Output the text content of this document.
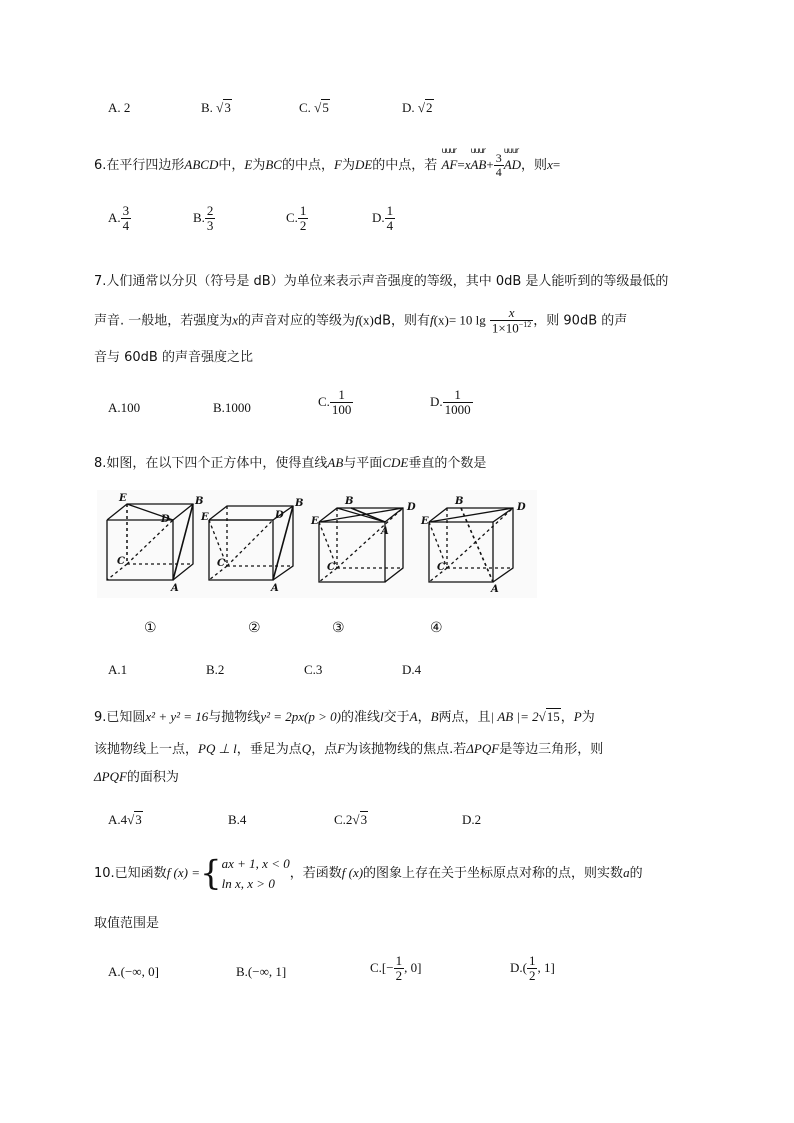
A. 2	B. √3	C. √5	D. √2
6.在平行四边形ABCD中，E为BC的中点，F为DE的中点，若
uuur
AF=x
uuur
$AB+ \frac{3}{4}$
uuur
AD，则x=
A. $\frac{3}{4}$	B. $\frac{2}{3}$	C. $\frac{1}{2}$	D. $\frac{1}{4}$
7.人们通常以分贝（符号是 dB）为单位来表示声音强度的等级，其中 0dB 是人能听到的等级最低的
声音. 一般地，若强度为x的声音对应的等级为f(x)dB，则有f(x)= 10 $\lg \frac{x}{1\times 10^{-12}}$ ，则 90dB 的声
音与 60dB 的声音强度之比
A.100	B.1000	C. $\frac{1}{100}$	D. $\frac{1}{1000}$
8.如图，在以下四个正方体中，使得直线AB与平面CDE垂直的个数是
E	B
D
C
A
E
B
D
C
A
E
B
D
C
A
E
B
D
C
A
①	②	③	④
A.1	B.2	C.3	D.4
9.已知圆x² + y² = 16与抛物线y² = 2px(p > 0)的准线l交于A，B两点，且| AB |= 2√15，P为
该抛物线上一点，PQ ⊥ l，垂足为点Q，点F为该抛物线的焦点.若ΔPQF是等边三角形，则
ΔPQF的面积为
A.4√3	B.4	C.2√3	D.2
10.已知函数f (x) ={ ax + 1, x < 0
ln x, x > 0
，若函数f (x)的图象上存在关于坐标原点对称的点，则实数a的
取值范围是
A.(−∞, 0]	B.(−∞, 1]	$C.[- \frac{1}{2}$ , 0]	$D.( \frac{1}{2}$ , 1]
